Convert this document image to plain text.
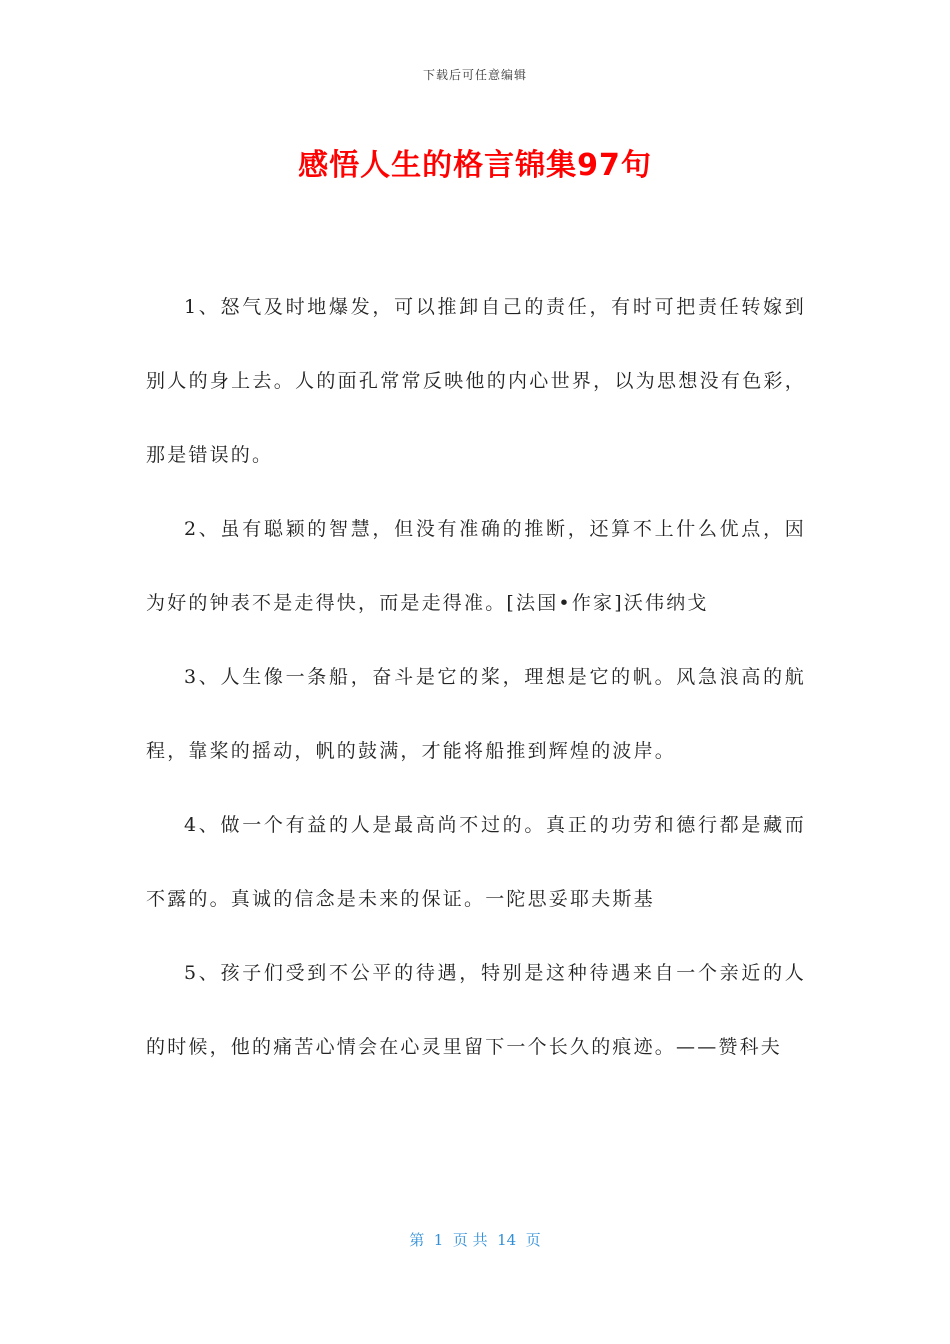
下载后可任意编辑
感悟人生的格言锦集97句

1、怒气及时地爆发，可以推卸自己的责任，有时可把责任转嫁到别人的身上去。人的面孔常常反映他的内心世界，以为思想没有色彩，那是错误的。

2、虽有聪颖的智慧，但没有准确的推断，还算不上什么优点，因为好的钟表不是走得快，而是走得准。[法国•作家]沃伟纳戈

3、人生像一条船，奋斗是它的桨，理想是它的帆。风急浪高的航程，靠桨的摇动，帆的鼓满，才能将船推到辉煌的波岸。

4、做一个有益的人是最高尚不过的。真正的功劳和德行都是藏而不露的。真诚的信念是未来的保证。一陀思妥耶夫斯基

5、孩子们受到不公平的待遇，特别是这种待遇来自一个亲近的人的时候，他的痛苦心情会在心灵里留下一个长久的痕迹。——赞科夫

第  1  页 共  14  页
